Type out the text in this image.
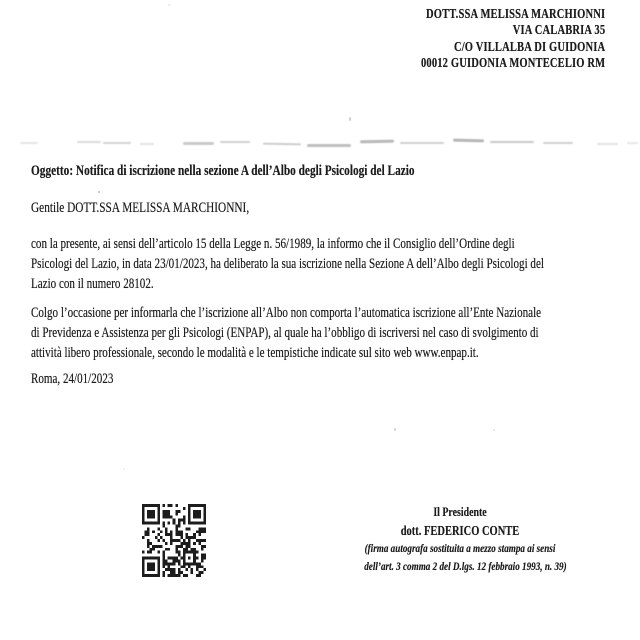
DOTT.SSA MELISSA MARCHIONNI
VIA CALABRIA 35
C/O VILLALBA DI GUIDONIA
00012 GUIDONIA MONTECELIO RM
Oggetto: Notifica di iscrizione nella sezione A dell’Albo degli Psicologi del Lazio
Gentile DOTT.SSA MELISSA MARCHIONNI,
con la presente, ai sensi dell’articolo 15 della Legge n. 56/1989, la informo che il Consiglio dell’Ordine degli
Psicologi del Lazio, in data 23/01/2023, ha deliberato la sua iscrizione nella Sezione A dell’Albo degli Psicologi del
Lazio con il numero 28102.
Colgo l’occasione per informarla che l’iscrizione all’Albo non comporta l’automatica iscrizione all’Ente Nazionale
di Previdenza e Assistenza per gli Psicologi (ENPAP), al quale ha l’obbligo di iscriversi nel caso di svolgimento di
attività libero professionale, secondo le modalità e le tempistiche indicate sul sito web www.enpap.it.
Roma, 24/01/2023
Il Presidente
dott. FEDERICO CONTE
(firma autografa sostituita a mezzo stampa ai sensi
dell’art. 3 comma 2 del D.lgs. 12 febbraio 1993, n. 39)
